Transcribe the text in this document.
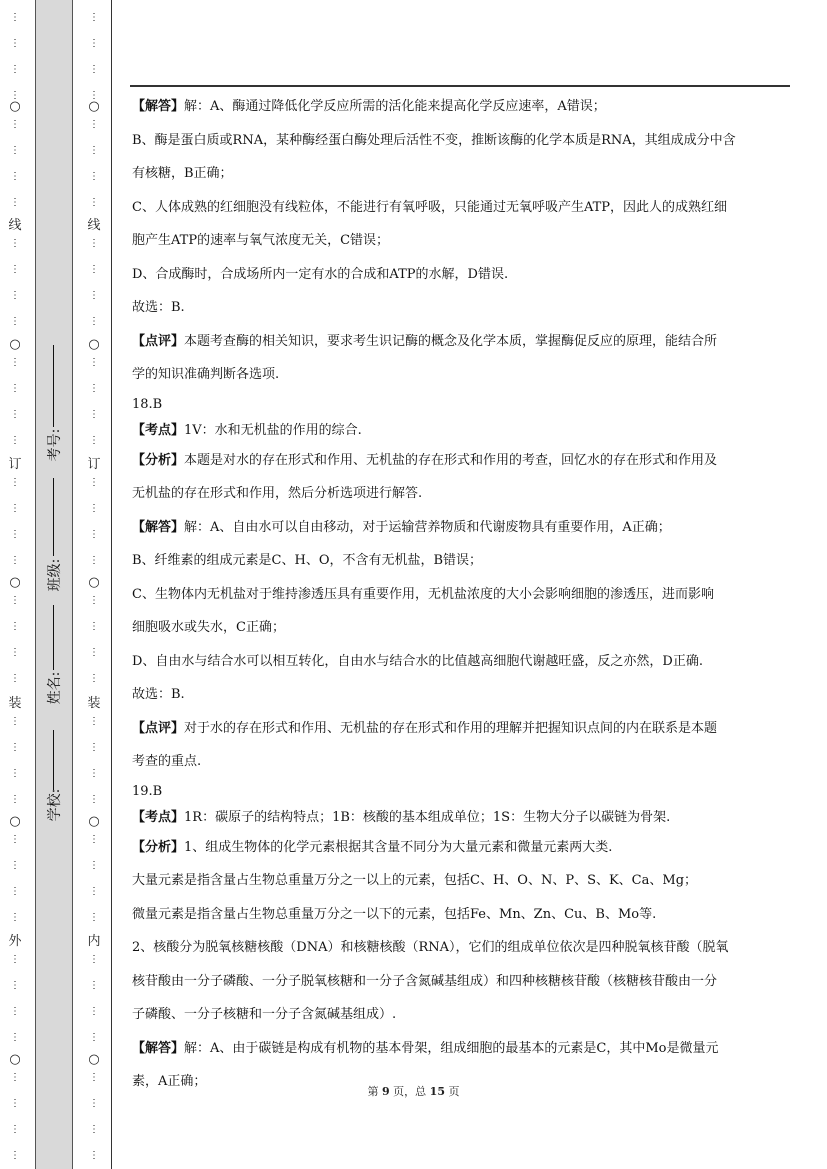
学校:
姓名:
班级:
考号:
⋮
⋮
⋮
⋮
○
⋮
⋮
⋮
⋮
线
⋮
⋮
⋮
⋮
○
⋮
⋮
⋮
⋮
订
⋮
⋮
⋮
⋮
○
⋮
⋮
⋮
⋮
装
⋮
⋮
⋮
⋮
○
⋮
⋮
⋮
⋮
外
⋮
⋮
⋮
⋮
○
⋮
⋮
⋮
⋮
⋮
⋮
⋮
⋮
○
⋮
⋮
⋮
⋮
线
⋮
⋮
⋮
⋮
○
⋮
⋮
⋮
⋮
订
⋮
⋮
⋮
⋮
○
⋮
⋮
⋮
⋮
装
⋮
⋮
⋮
⋮
○
⋮
⋮
⋮
⋮
内
⋮
⋮
⋮
⋮
○
⋮
⋮
⋮
⋮

【解答】解：A、酶通过降低化学反应所需的活化能来提高化学反应速率，A错误；

B、酶是蛋白质或RNA，某种酶经蛋白酶处理后活性不变，推断该酶的化学本质是RNA，其组成成分中含

有核糖，B正确；

C、人体成熟的红细胞没有线粒体，不能进行有氧呼吸，只能通过无氧呼吸产生ATP，因此人的成熟红细

胞产生ATP的速率与氧气浓度无关，C错误；

D、合成酶时，合成场所内一定有水的合成和ATP的水解，D错误.

故选：B.

【点评】本题考查酶的相关知识，要求考生识记酶的概念及化学本质，掌握酶促反应的原理，能结合所

学的知识准确判断各选项.

18.B

【考点】1V：水和无机盐的作用的综合.

【分析】本题是对水的存在形式和作用、无机盐的存在形式和作用的考查，回忆水的存在形式和作用及

无机盐的存在形式和作用，然后分析选项进行解答.

【解答】解：A、自由水可以自由移动，对于运输营养物质和代谢废物具有重要作用，A正确；

B、纤维素的组成元素是C、H、O，不含有无机盐，B错误；

C、生物体内无机盐对于维持渗透压具有重要作用，无机盐浓度的大小会影响细胞的渗透压，进而影响

细胞吸水或失水，C正确；

D、自由水与结合水可以相互转化，自由水与结合水的比值越高细胞代谢越旺盛，反之亦然，D正确.

故选：B.

【点评】对于水的存在形式和作用、无机盐的存在形式和作用的理解并把握知识点间的内在联系是本题

考查的重点.

19.B

【考点】1R：碳原子的结构特点；1B：核酸的基本组成单位；1S：生物大分子以碳链为骨架.

【分析】1、组成生物体的化学元素根据其含量不同分为大量元素和微量元素两大类.

大量元素是指含量占生物总重量万分之一以上的元素，包括C、H、O、N、P、S、K、Ca、Mg；

微量元素是指含量占生物总重量万分之一以下的元素，包括Fe、Mn、Zn、Cu、B、Mo等.

2、核酸分为脱氧核糖核酸（DNA）和核糖核酸（RNA），它们的组成单位依次是四种脱氧核苷酸（脱氧

核苷酸由一分子磷酸、一分子脱氧核糖和一分子含氮碱基组成）和四种核糖核苷酸（核糖核苷酸由一分

子磷酸、一分子核糖和一分子含氮碱基组成）.

【解答】解：A、由于碳链是构成有机物的基本骨架，组成细胞的最基本的元素是C，其中Mo是微量元

素，A正确；

第 9 页，总 15 页
